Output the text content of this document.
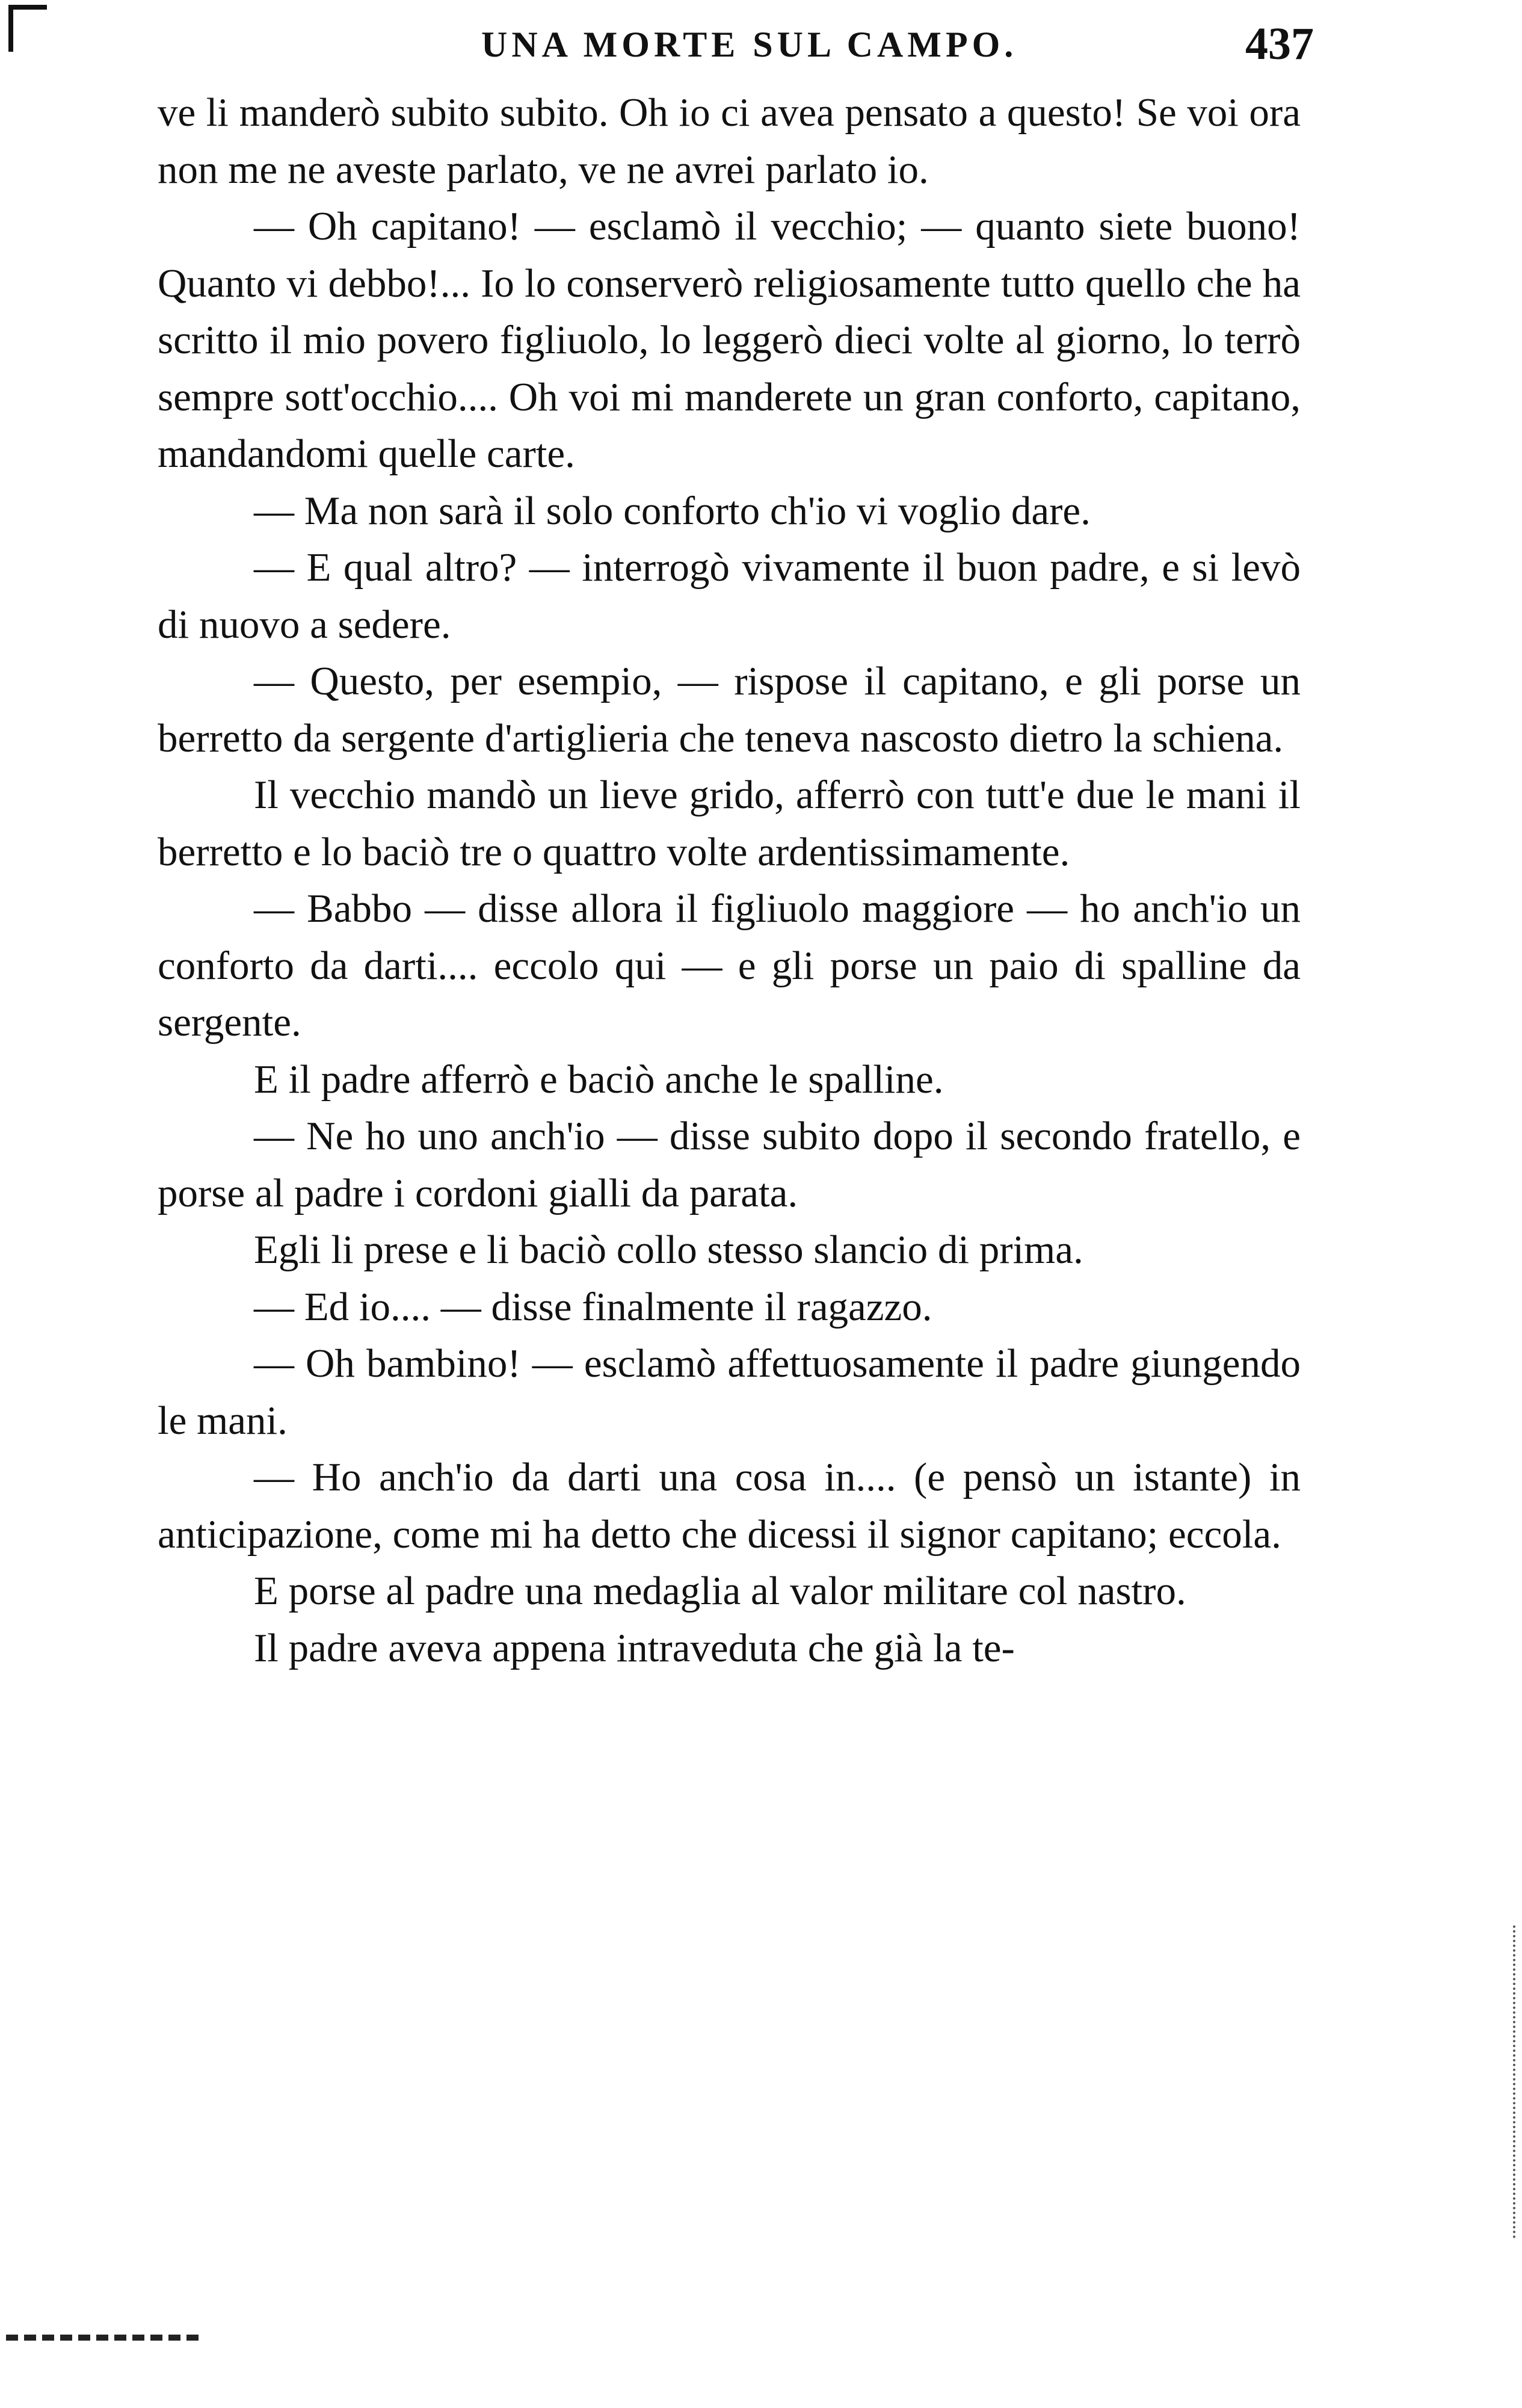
UNA MORTE SUL CAMPO.	437

ve li manderò subito subito. Oh io ci avea pensato a questo! Se voi ora non me ne aveste parlato, ve ne avrei parlato io.

— Oh capitano! — esclamò il vecchio; — quanto siete buono! Quanto vi debbo!... Io lo conserverò religiosamente tutto quello che ha scritto il mio povero figliuolo, lo leggerò dieci volte al giorno, lo terrò sempre sott'occhio.... Oh voi mi manderete un gran conforto, capitano, mandandomi quelle carte.

— Ma non sarà il solo conforto ch'io vi voglio dare.

— E qual altro? — interrogò vivamente il buon padre, e si levò di nuovo a sedere.

— Questo, per esempio, — rispose il capitano, e gli porse un berretto da sergente d'artiglieria che teneva nascosto dietro la schiena.

Il vecchio mandò un lieve grido, afferrò con tutt'e due le mani il berretto e lo baciò tre o quattro volte ardentissimamente.

— Babbo — disse allora il figliuolo maggiore — ho anch'io un conforto da darti.... eccolo qui — e gli porse un paio di spalline da sergente.

E il padre afferrò e baciò anche le spalline.

— Ne ho uno anch'io — disse subito dopo il secondo fratello, e porse al padre i cordoni gialli da parata.

Egli li prese e li baciò collo stesso slancio di prima.

— Ed io.... — disse finalmente il ragazzo.

— Oh bambino! — esclamò affettuosamente il padre giungendo le mani.

— Ho anch'io da darti una cosa in.... (e pensò un istante) in anticipazione, come mi ha detto che dicessi il signor capitano; eccola.

E porse al padre una medaglia al valor militare col nastro.

Il padre aveva appena intraveduta che già la te-
